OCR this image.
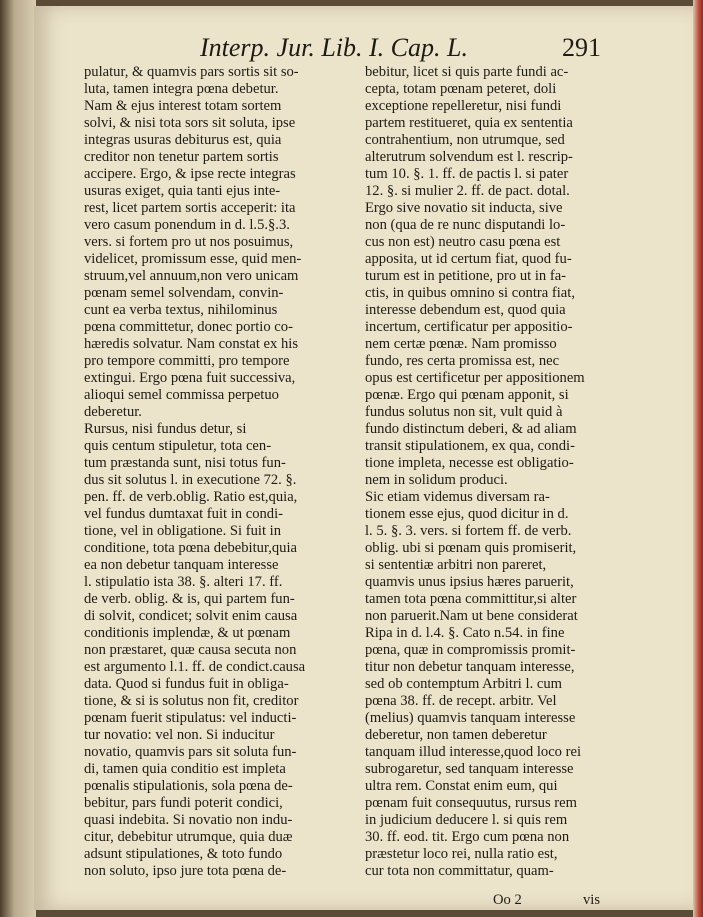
Interp. Jur. Lib. I. Cap. L.	291
pulatur, & quamvis pars sortis sit so-
luta, tamen integra pœna debetur.
Nam & ejus interest totam sortem
solvi, & nisi tota sors sit soluta, ipse
integras usuras debiturus est, quia
creditor non tenetur partem sortis
accipere. Ergo, & ipse recte integras
usuras exiget, quia tanti ejus inte-
rest, licet partem sortis acceperit: ita
vero casum ponendum in d. l.5.§.3.
vers. si fortem pro ut nos posuimus,
videlicet, promissum esse, quid men-
struum,vel annuum,non vero unicam
pœnam semel solvendam, convin-
cunt ea verba textus, nihilominus
pœna committetur, donec portio co-
hæredis solvatur. Nam constat ex his
pro tempore committi, pro tempore
extingui. Ergo pœna fuit successiva,
alioqui semel commissa perpetuo
deberetur.
Rursus, nisi fundus detur, si
quis centum stipuletur, tota cen-
tum præstanda sunt, nisi totus fun-
dus sit solutus l. in executione 72. §.
pen. ff. de verb.oblig. Ratio est,quia,
vel fundus dumtaxat fuit in condi-
tione, vel in obligatione. Si fuit in
conditione, tota pœna debebitur,quia
ea non debetur tanquam interesse
l. stipulatio ista 38. §. alteri 17. ff.
de verb. oblig. & is, qui partem fun-
di solvit, condicet; solvit enim causa
conditionis implendæ, & ut pœnam
non præstaret, quæ causa secuta non
est argumento l.1. ff. de condict.causa
data. Quod si fundus fuit in obliga-
tione, & si is solutus non fit, creditor
pœnam fuerit stipulatus: vel inducti-
tur novatio: vel non. Si inducitur
novatio, quamvis pars sit soluta fun-
di, tamen quia conditio est impleta
pœnalis stipulationis, sola pœna de-
bebitur, pars fundi poterit condici,
quasi indebita. Si novatio non indu-
citur, debebitur utrumque, quia duæ
adsunt stipulationes, & toto fundo
non soluto, ipso jure tota pœna de-
bebitur, licet si quis parte fundi ac-
cepta, totam pœnam peteret, doli
exceptione repelleretur, nisi fundi
partem restitueret, quia ex sententia
contrahentium, non utrumque, sed
alterutrum solvendum est l. rescrip-
tum 10. §. 1. ff. de pactis l. si pater
12. §. si mulier 2. ff. de pact. dotal.
Ergo sive novatio sit inducta, sive
non (qua de re nunc disputandi lo-
cus non est) neutro casu pœna est
apposita, ut id certum fiat, quod fu-
turum est in petitione, pro ut in fa-
ctis, in quibus omnino si contra fiat,
interesse debendum est, quod quia
incertum, certificatur per appositio-
nem certæ pœnæ. Nam promisso
fundo, res certa promissa est, nec
opus est certificetur per appositionem
pœnæ. Ergo qui pœnam apponit, si
fundus solutus non sit, vult quid à
fundo distinctum deberi, & ad aliam
transit stipulationem, ex qua, condi-
tione impleta, necesse est obligatio-
nem in solidum produci.
Sic etiam videmus diversam ra-
tionem esse ejus, quod dicitur in d.
l. 5. §. 3. vers. si fortem ff. de verb.
oblig. ubi si pœnam quis promiserit,
si sententiæ arbitri non pareret,
quamvis unus ipsius hæres paruerit,
tamen tota pœna committitur,si alter
non paruerit.Nam ut bene considerat
Ripa in d. l.4. §. Cato n.54. in fine
pœna, quæ in compromissis promit-
titur non debetur tanquam interesse,
sed ob contemptum Arbitri l. cum
pœna 38. ff. de recept. arbitr. Vel
(melius) quamvis tanquam interesse
deberetur, non tamen deberetur
tanquam illud interesse,quod loco rei
subrogaretur, sed tanquam interesse
ultra rem. Constat enim eum, qui
pœnam fuit consequutus, rursus rem
in judicium deducere l. si quis rem
30. ff. eod. tit. Ergo cum pœna non
præstetur loco rei, nulla ratio est,
cur tota non committatur, quam-
Oo 2	vis
